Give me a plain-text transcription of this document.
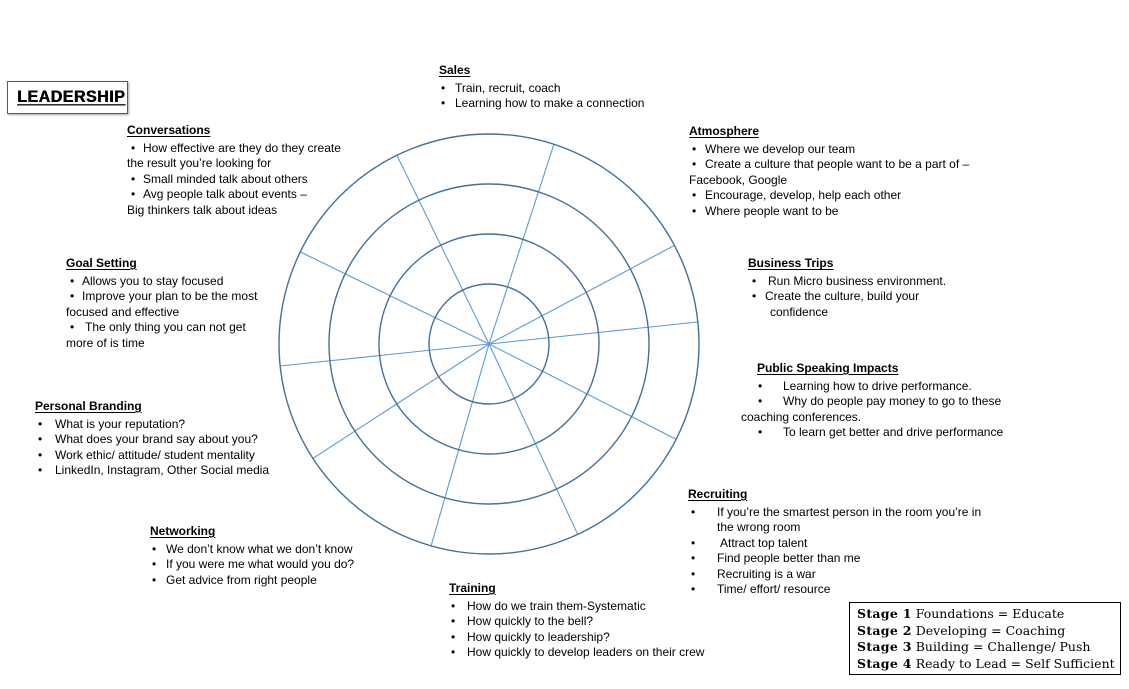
LEADERSHIP
Sales
• Train, recruit, coach
• Learning how to make a connection
Conversations
• How effective are they do they create
the result you’re looking for
• Small minded talk about others
• Avg people talk about events –
Big thinkers talk about ideas
Atmosphere
• Where we develop our team
• Create a culture that people want to be a part of –
Facebook, Google
• Encourage, develop, help each other
• Where people want to be
Goal Setting
• Allows you to stay focused
• Improve your plan to be the most
focused and effective
• The only thing you can not get
more of is time
Business Trips
• Run Micro business environment.
• Create the culture, build your
confidence
Public Speaking Impacts
• Learning how to drive performance.
• Why do people pay money to go to these
coaching conferences.
• To learn get better and drive performance
Personal Branding
• What is your reputation?
• What does your brand say about you?
• Work ethic/ attitude/ student mentality
• LinkedIn, Instagram, Other Social media
Recruiting
• If you’re the smartest person in the room you’re in
the wrong room
• Attract top talent
• Find people better than me
• Recruiting is a war
• Time/ effort/ resource
Networking
• We don’t know what we don’t know
• If you were me what would you do?
• Get advice from right people
Training
• How do we train them-Systematic
• How quickly to the bell?
• How quickly to leadership?
• How quickly to develop leaders on their crew
Stage 1 Foundations = Educate
Stage 2 Developing = Coaching
Stage 3 Building = Challenge/ Push
Stage 4 Ready to Lead = Self Sufficient
